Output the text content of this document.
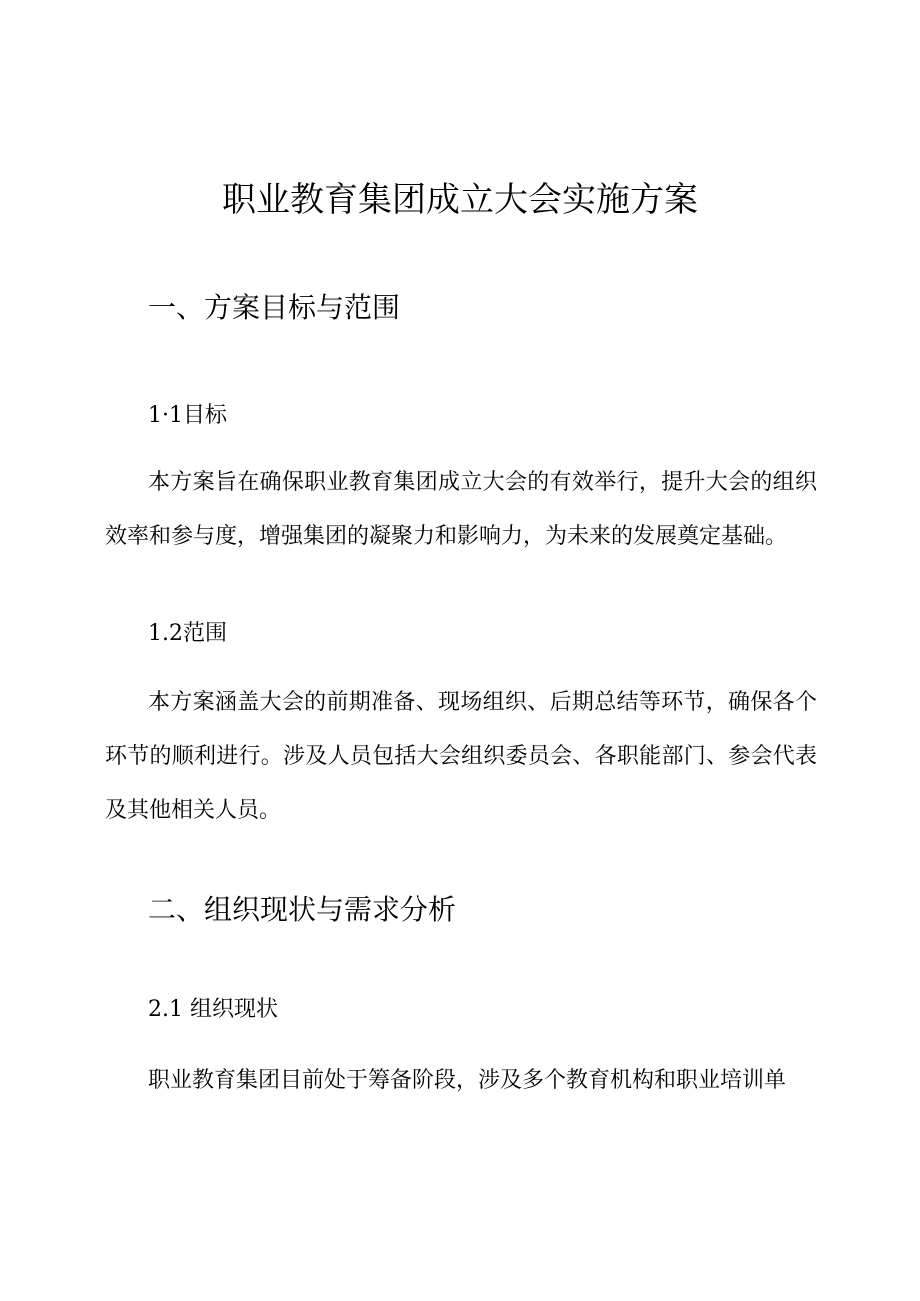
职业教育集团成立大会实施方案
一、方案目标与范围
1·1目标

本方案旨在确保职业教育集团成立大会的有效举行，提升大会的组织效率和参与度，增强集团的凝聚力和影响力，为未来的发展奠定基础。

1.2范围

本方案涵盖大会的前期准备、现场组织、后期总结等环节，确保各个环节的顺利进行。涉及人员包括大会组织委员会、各职能部门、参会代表及其他相关人员。

二、组织现状与需求分析
2.1 组织现状

职业教育集团目前处于筹备阶段，涉及多个教育机构和职业培训单
